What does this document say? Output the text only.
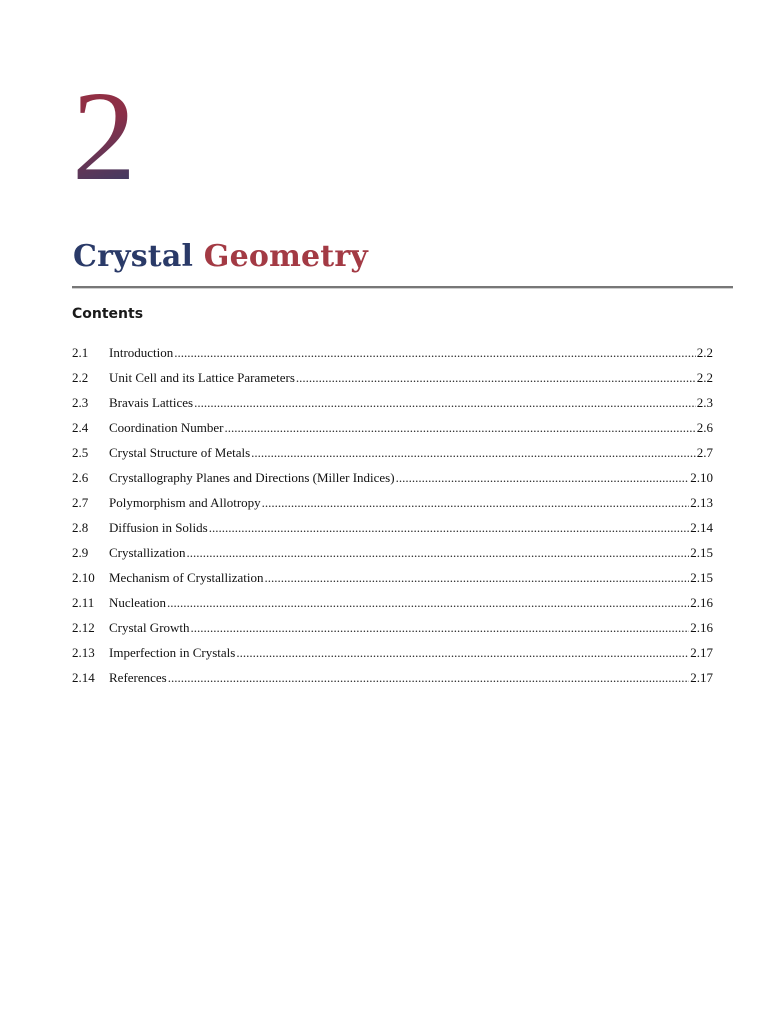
2
Crystal Geometry
Contents
2.1	Introduction .....	2.2
2.2	Unit Cell and its Lattice Parameters .....	2.2
2.3	Bravais Lattices .....	2.3
2.4	Coordination Number .....	2.6
2.5	Crystal Structure of Metals .....	2.7
2.6	Crystallography Planes and Directions (Miller Indices) .....	2.10
2.7	Polymorphism and Allotropy .....	2.13
2.8	Diffusion in Solids .....	2.14
2.9	Crystallization .....	2.15
2.10	Mechanism of Crystallization .....	2.15
2.11	Nucleation .....	2.16
2.12	Crystal Growth .....	2.16
2.13	Imperfection in Crystals .....	2.17
2.14	References .....	2.17
